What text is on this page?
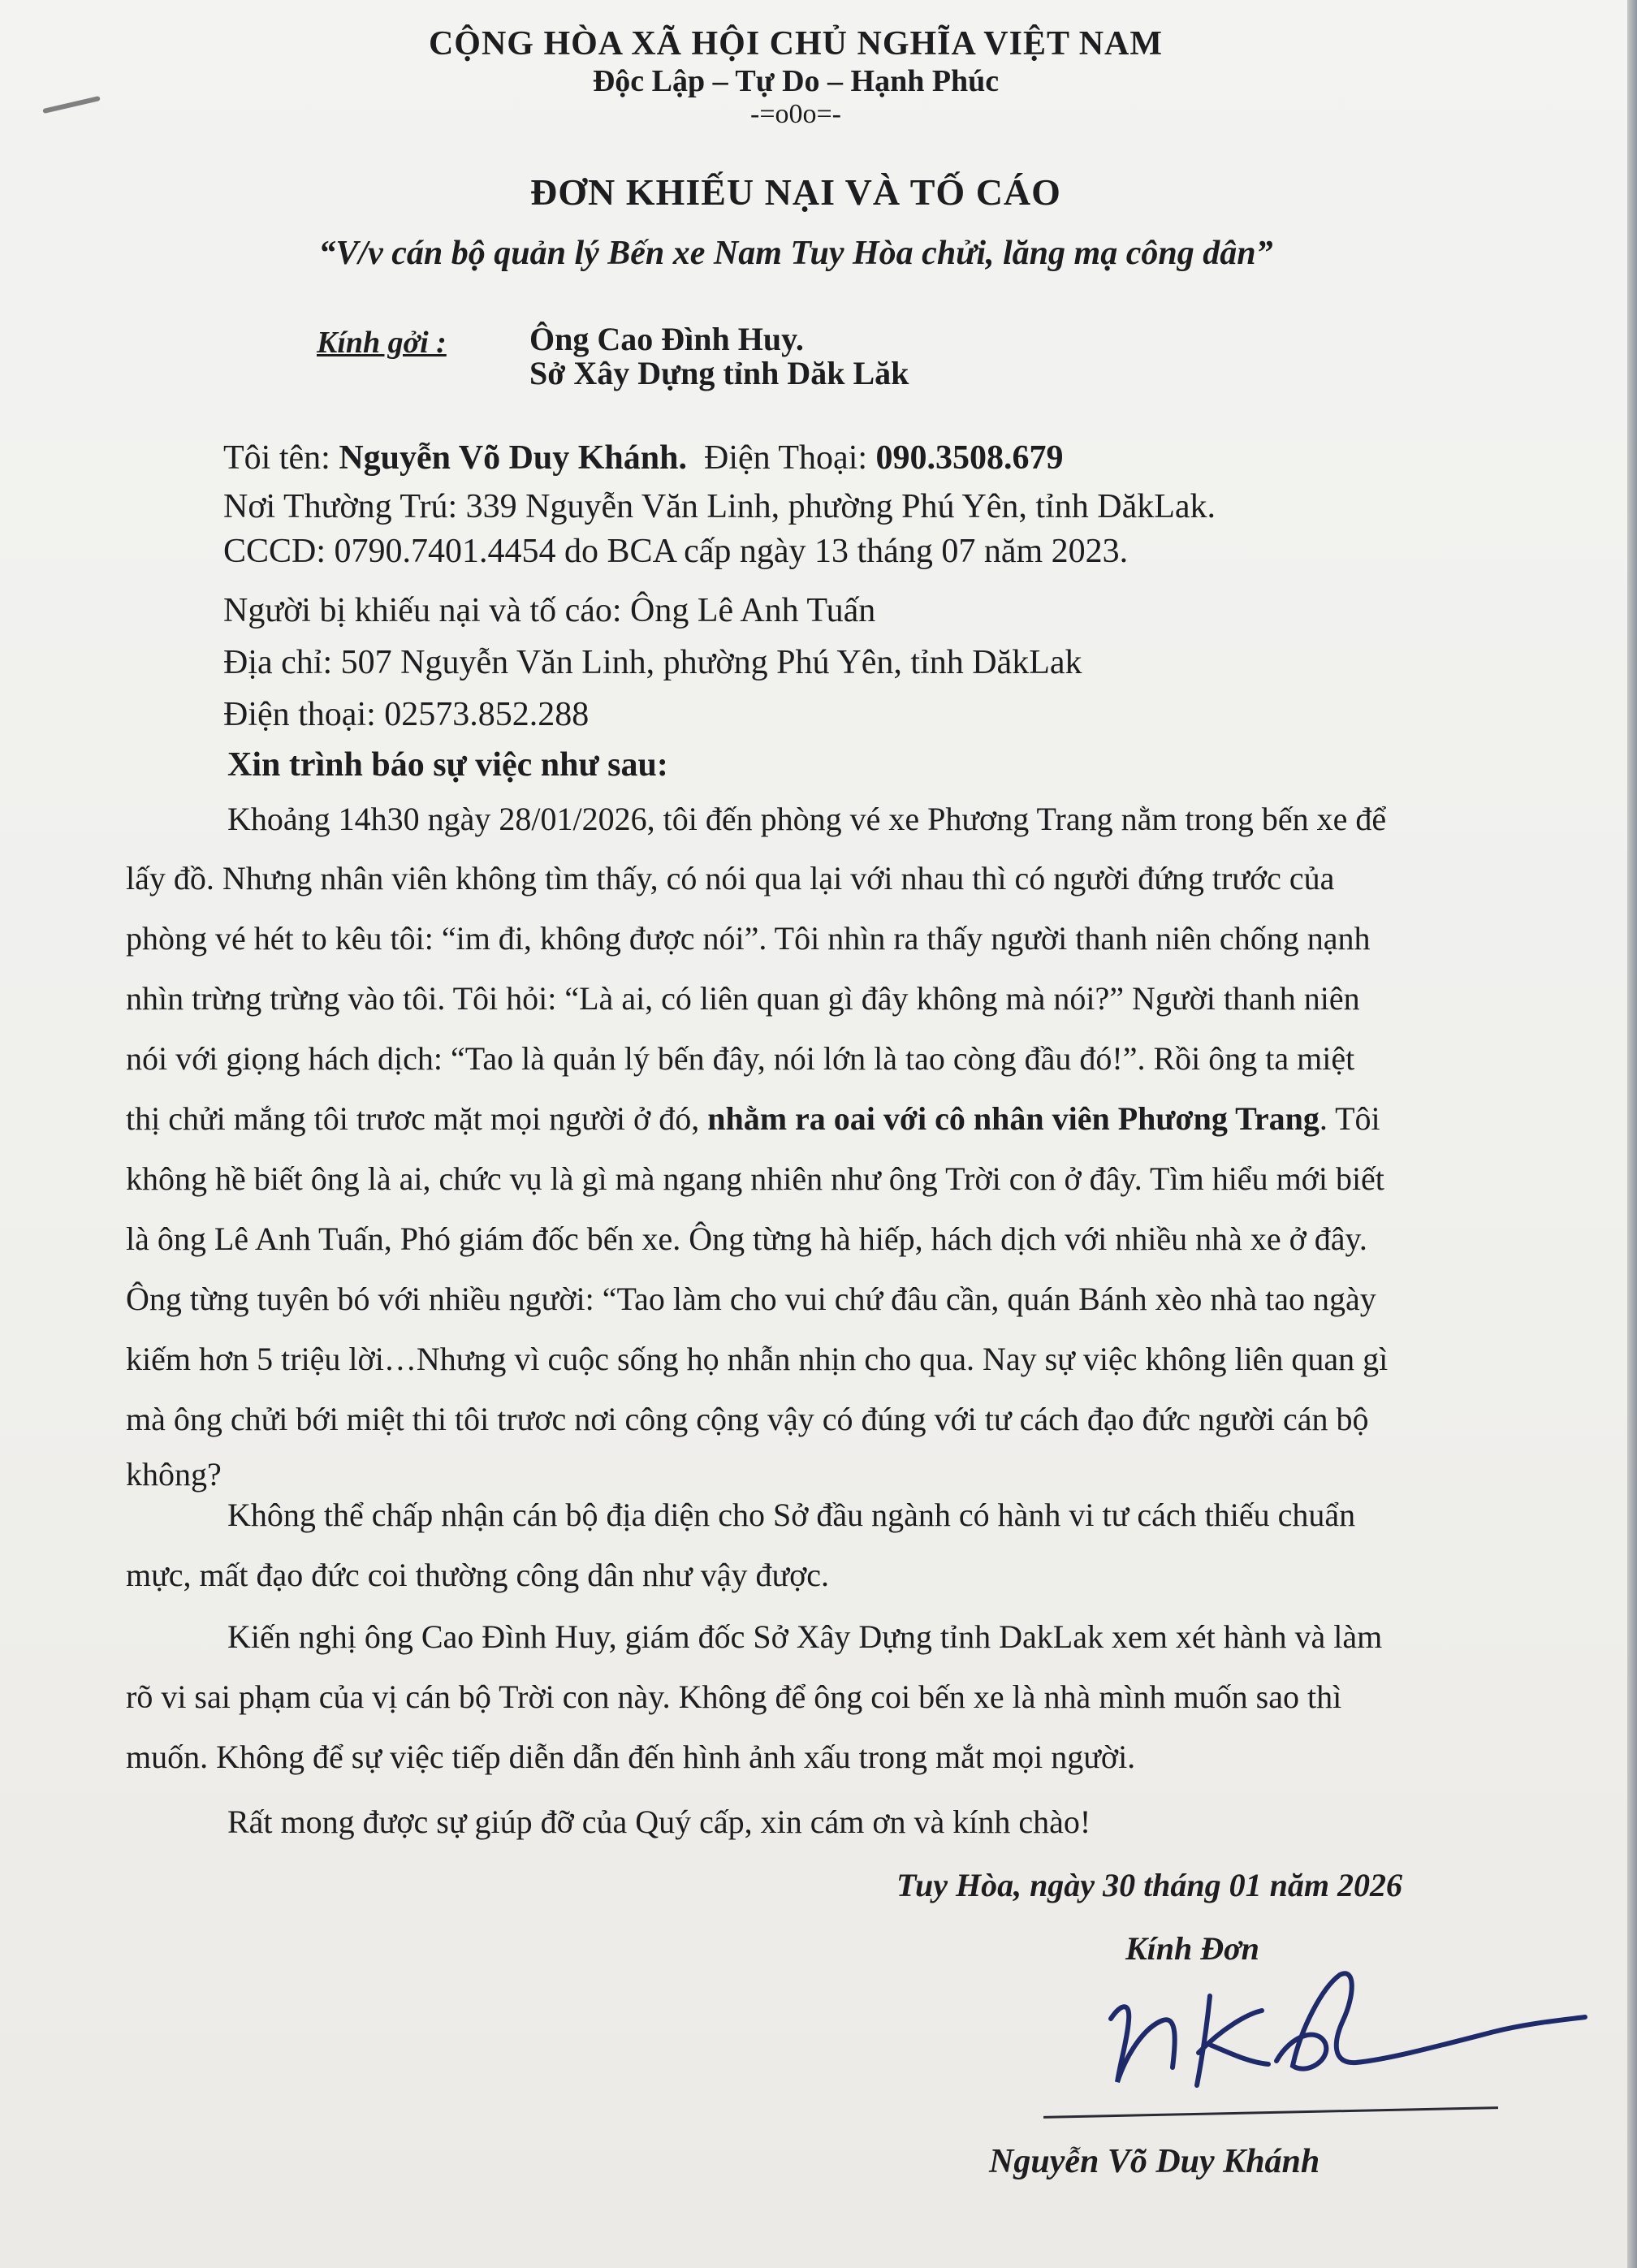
CỘNG HÒA XÃ HỘI CHỦ NGHĨA VIỆT NAM
Độc Lập – Tự Do – Hạnh Phúc
-=o0o=-
ĐƠN KHIẾU NẠI VÀ TỐ CÁO
“V/v cán bộ quản lý Bến xe Nam Tuy Hòa chửi, lăng mạ công dân”
Kính gởi :	Ông Cao Đình Huy.
Sở Xây Dựng tỉnh Dăk Lăk
Tôi tên: Nguyễn Võ Duy Khánh. Điện Thoại: 090.3508.679
Nơi Thường Trú: 339 Nguyễn Văn Linh, phường Phú Yên, tỉnh DăkLak.
CCCD: 0790.7401.4454 do BCA cấp ngày 13 tháng 07 năm 2023.
Người bị khiếu nại và tố cáo: Ông Lê Anh Tuấn
Địa chỉ: 507 Nguyễn Văn Linh, phường Phú Yên, tỉnh DăkLak
Điện thoại: 02573.852.288
Xin trình báo sự việc như sau:
Khoảng 14h30 ngày 28/01/2026, tôi đến phòng vé xe Phương Trang nằm trong bến xe để
lấy đồ. Nhưng nhân viên không tìm thấy, có nói qua lại với nhau thì có người đứng trước của
phòng vé hét to kêu tôi: “im đi, không được nói”. Tôi nhìn ra thấy người thanh niên chống nạnh
nhìn trừng trừng vào tôi. Tôi hỏi: “Là ai, có liên quan gì đây không mà nói?” Người thanh niên
nói với giọng hách dịch: “Tao là quản lý bến đây, nói lớn là tao còng đầu đó!”. Rồi ông ta miệt
thị chửi mắng tôi trươc mặt mọi người ở đó, nhằm ra oai với cô nhân viên Phương Trang. Tôi
không hề biết ông là ai, chức vụ là gì mà ngang nhiên như ông Trời con ở đây. Tìm hiểu mới biết
là ông Lê Anh Tuấn, Phó giám đốc bến xe. Ông từng hà hiếp, hách dịch với nhiều nhà xe ở đây.
Ông từng tuyên bó với nhiều người: “Tao làm cho vui chứ đâu cần, quán Bánh xèo nhà tao ngày
kiếm hơn 5 triệu lời…Nhưng vì cuộc sống họ nhẫn nhịn cho qua. Nay sự việc không liên quan gì
mà ông chửi bới miệt thi tôi trươc nơi công cộng vậy có đúng với tư cách đạo đức người cán bộ
không?
Không thể chấp nhận cán bộ địa diện cho Sở đầu ngành có hành vi tư cách thiếu chuẩn
mực, mất đạo đức coi thường công dân như vậy được.
Kiến nghị ông Cao Đình Huy, giám đốc Sở Xây Dựng tỉnh DakLak xem xét hành và làm
rõ vi sai phạm của vị cán bộ Trời con này. Không để ông coi bến xe là nhà mình muốn sao thì
muốn. Không để sự việc tiếp diễn dẫn đến hình ảnh xấu trong mắt mọi người.
Rất mong được sự giúp đỡ của Quý cấp, xin cám ơn và kính chào!
Tuy Hòa, ngày 30 tháng 01 năm 2026
Kính Đơn
Nguyễn Võ Duy Khánh
